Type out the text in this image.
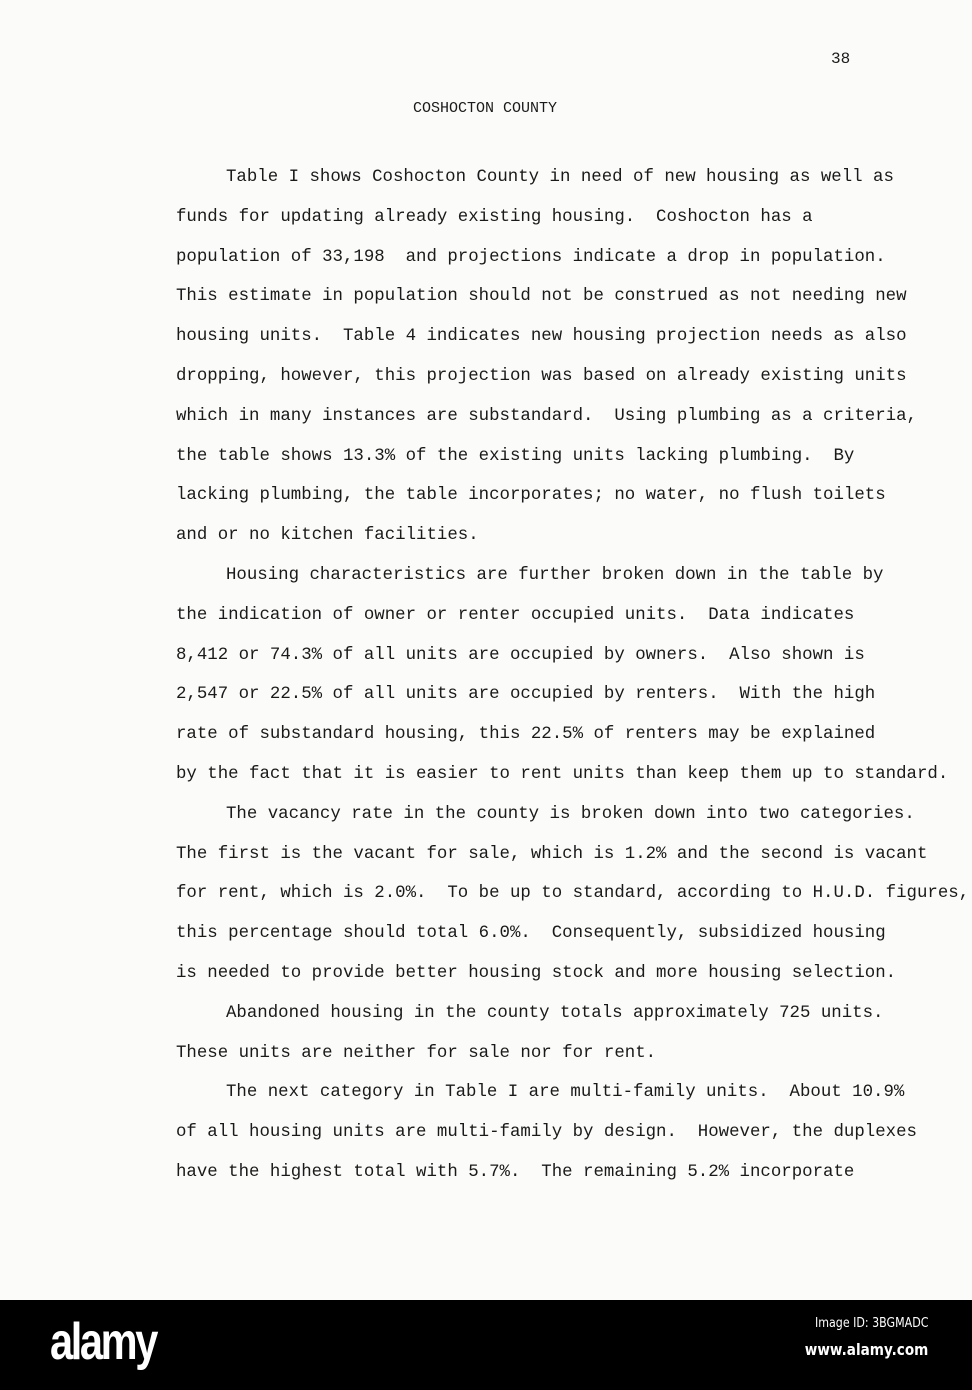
38
COSHOCTON COUNTY
Table I shows Coshocton County in need of new housing as well as
funds for updating already existing housing.  Coshocton has a
population of 33,198  and projections indicate a drop in population.
This estimate in population should not be construed as not needing new
housing units.  Table 4 indicates new housing projection needs as also
dropping, however, this projection was based on already existing units
which in many instances are substandard.  Using plumbing as a criteria,
the table shows 13.3% of the existing units lacking plumbing.  By
lacking plumbing, the table incorporates; no water, no flush toilets
and or no kitchen facilities.
Housing characteristics are further broken down in the table by
the indication of owner or renter occupied units.  Data indicates
8,412 or 74.3% of all units are occupied by owners.  Also shown is
2,547 or 22.5% of all units are occupied by renters.  With the high
rate of substandard housing, this 22.5% of renters may be explained
by the fact that it is easier to rent units than keep them up to standard.
The vacancy rate in the county is broken down into two categories.
The first is the vacant for sale, which is 1.2% and the second is vacant
for rent, which is 2.0%.  To be up to standard, according to H.U.D. figures,
this percentage should total 6.0%.  Consequently, subsidized housing
is needed to provide better housing stock and more housing selection.
Abandoned housing in the county totals approximately 725 units.
These units are neither for sale nor for rent.
The next category in Table I are multi-family units.  About 10.9%
of all housing units are multi-family by design.  However, the duplexes
have the highest total with 5.7%.  The remaining 5.2% incorporate
alamy	Image ID: 3BGMADC
www.alamy.com
